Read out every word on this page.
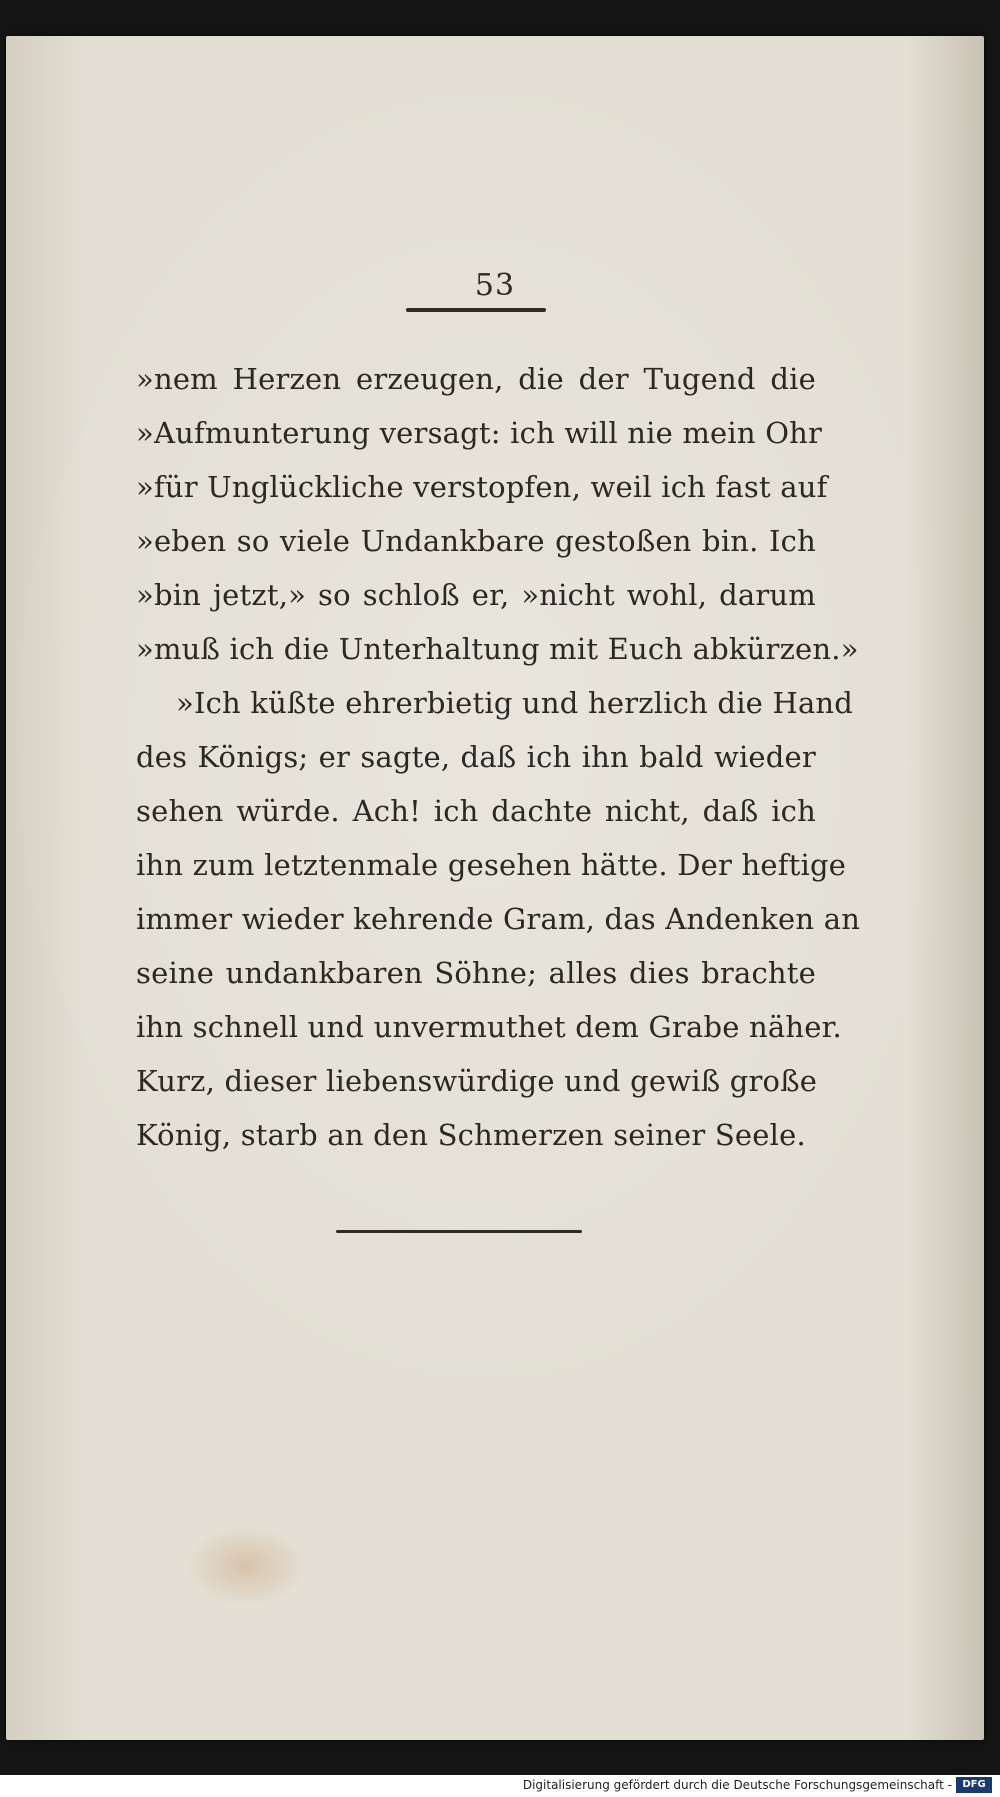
53
»nem Herzen erzeugen, die der Tugend die
»Aufmunterung versagt: ich will nie mein Ohr
»für Unglückliche verstopfen, weil ich fast auf
»eben so viele Undankbare gestoßen bin. Ich
»bin jetzt,» so schloß er, »nicht wohl, darum
»muß ich die Unterhaltung mit Euch abkürzen.»
»Ich küßte ehrerbietig und herzlich die Hand
des Königs; er sagte, daß ich ihn bald wieder
sehen würde. Ach! ich dachte nicht, daß ich
ihn zum letztenmale gesehen hätte. Der heftige
immer wieder kehrende Gram, das Andenken an
seine undankbaren Söhne; alles dies brachte
ihn schnell und unvermuthet dem Grabe näher.
Kurz, dieser liebenswürdige und gewiß große
König, starb an den Schmerzen seiner Seele.
Digitalisierung gefördert durch die Deutsche Forschungsgemeinschaft -	DFG
